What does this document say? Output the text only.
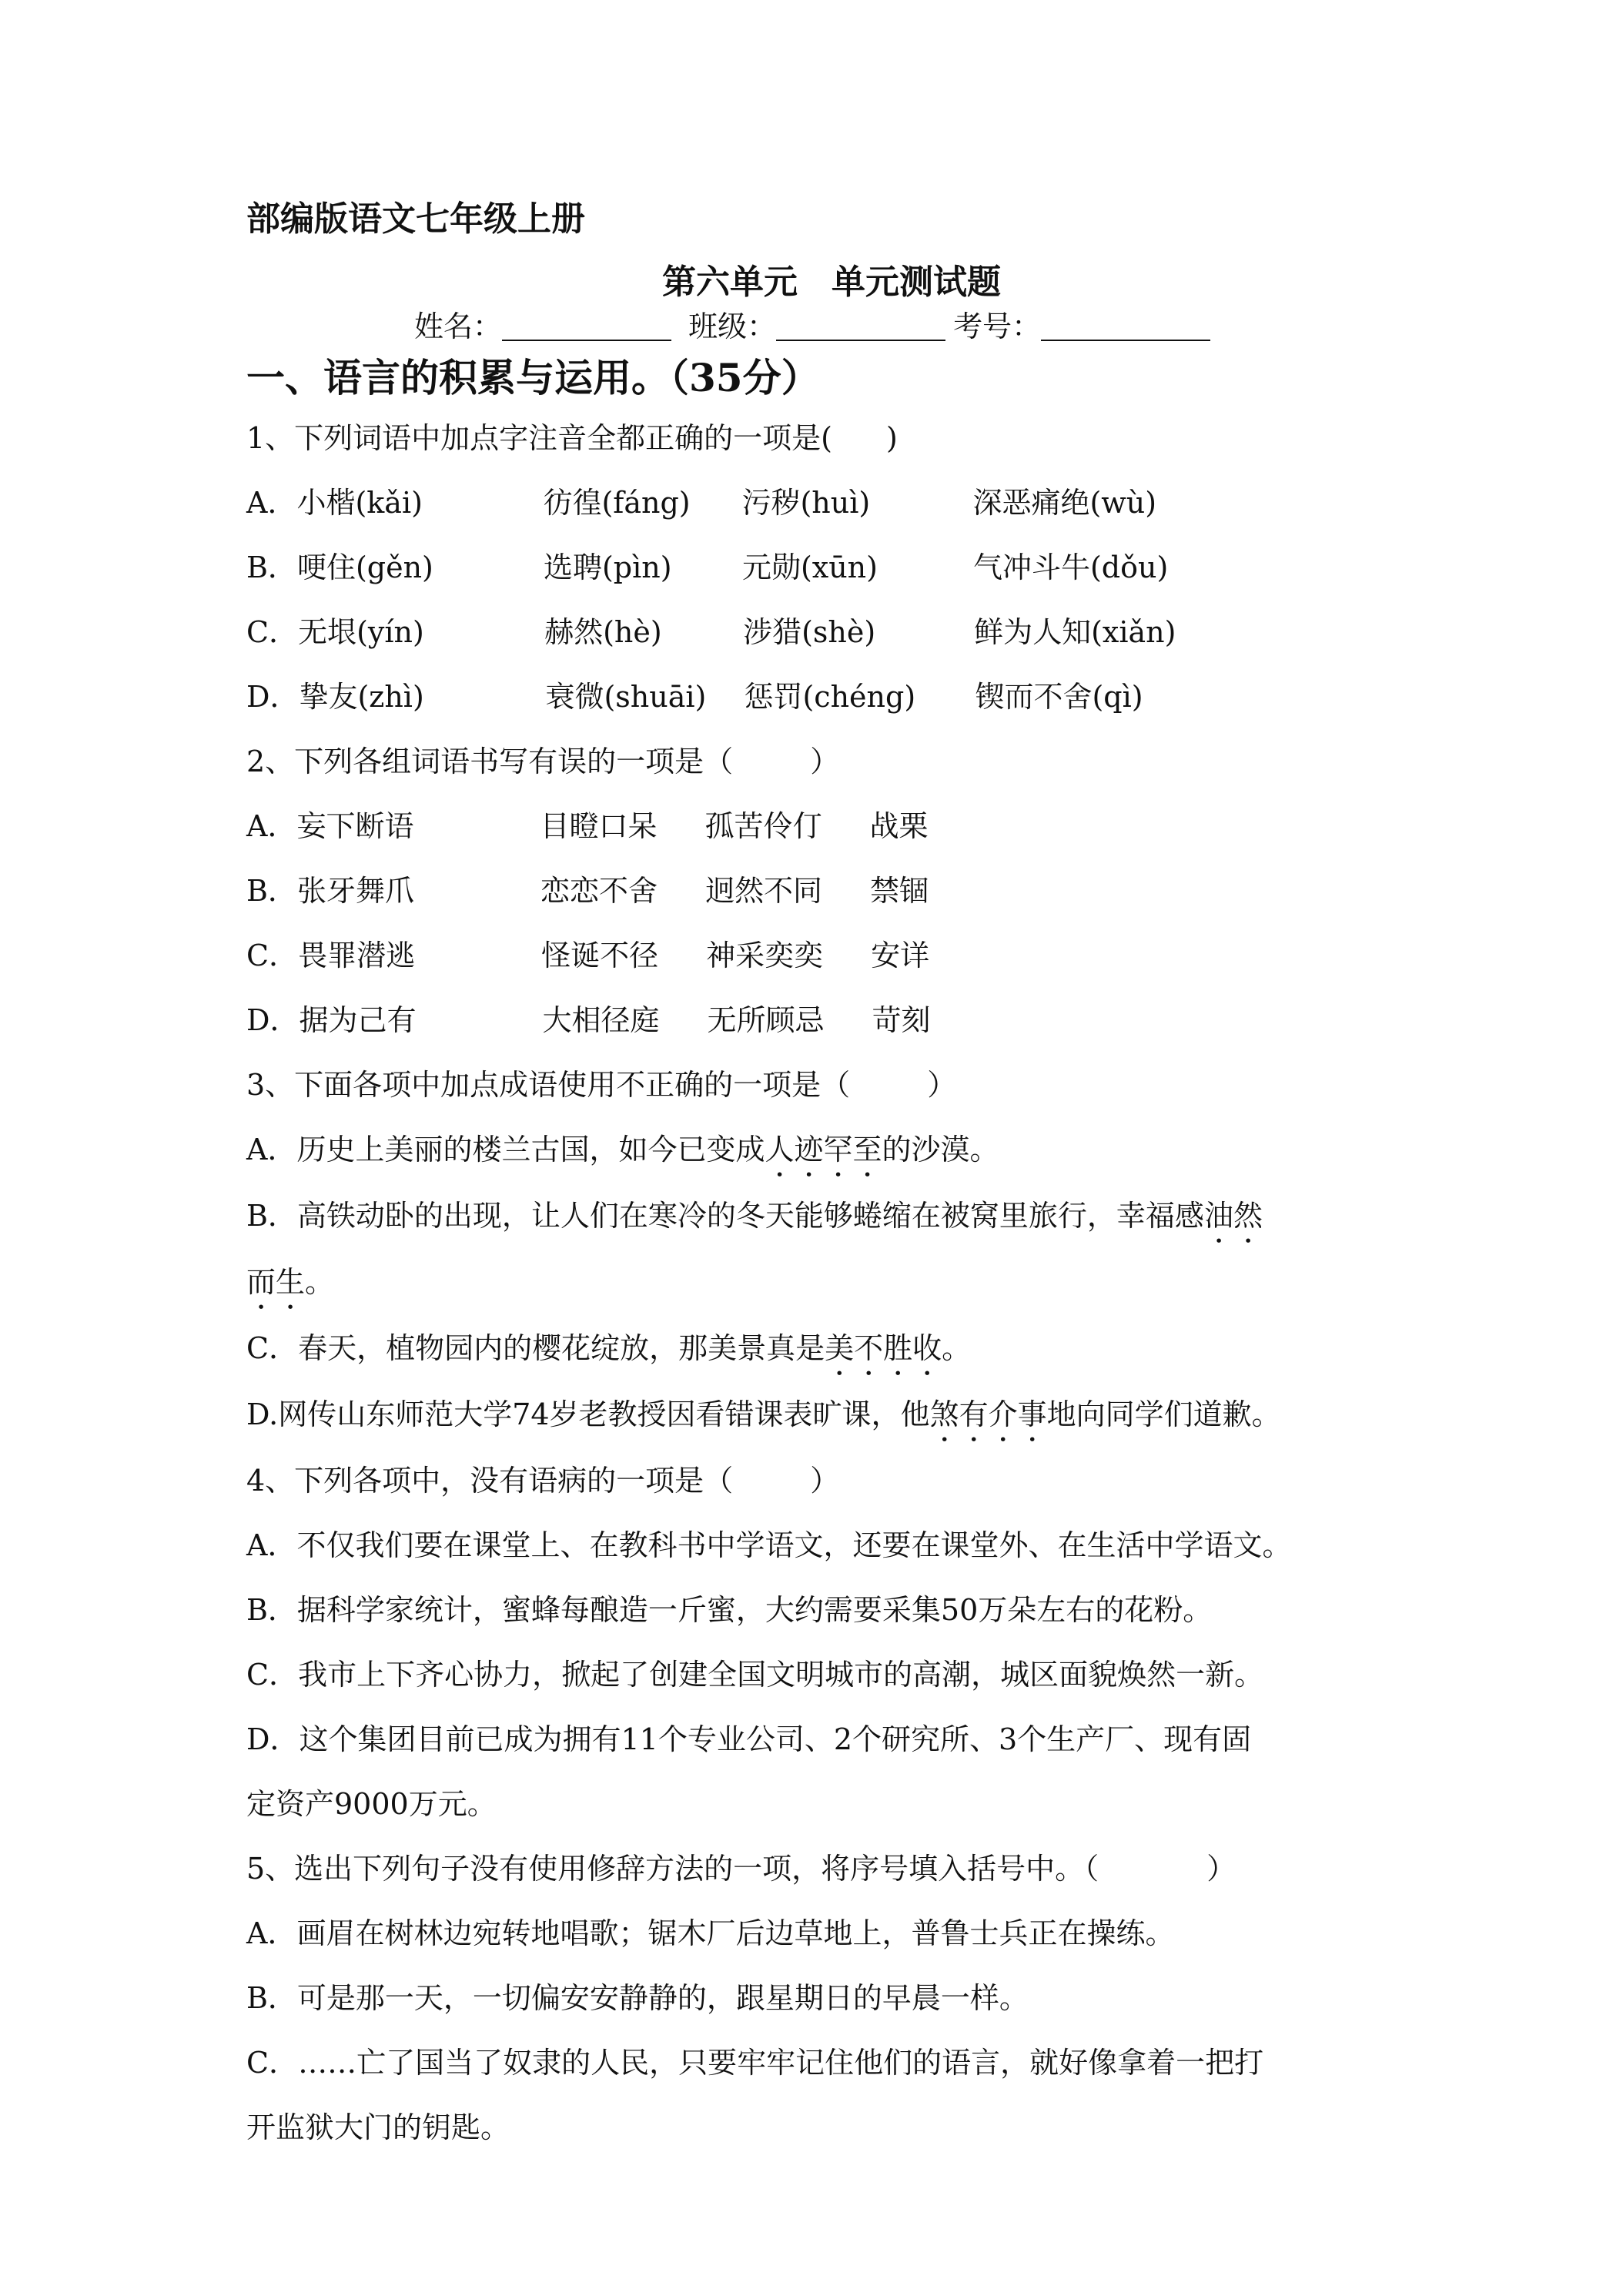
部编版语文七年级上册
第六单元　单元测试题
姓名：	班级：	考号：
一、语言的积累与运用。（35分）
1、下列词语中加点字注音全都正确的一项是( )
A． 小楷(kǎi)	彷徨(fáng)	污秽(huì)	深恶痛绝(wù)
B． 哽住(gěn)	选聘(pìn)	元勋(xūn)	气冲斗牛(dǒu)
C． 无垠(yín)	赫然(hè)	涉猎(shè)	鲜为人知(xiǎn)
D． 挚友(zhì)	衰微(shuāi)	惩罚(chéng)	锲而不舍(qì)
2、下列各组词语书写有误的一项是（	）
A． 妄下断语	目瞪口呆	孤苦伶仃	战栗
B． 张牙舞爪	恋恋不舍	迥然不同	禁锢
C． 畏罪潜逃	怪诞不径	神采奕奕	安详
D． 据为己有	大相径庭	无所顾忌	苛刻
3、下面各项中加点成语使用不正确的一项是（	）
A．历史上美丽的楼兰古国，如今已变成人迹罕至的沙漠。
B．高铁动卧的出现，让人们在寒冷的冬天能够蜷缩在被窝里旅行，幸福感油然
而生。
C．春天，植物园内的樱花绽放，那美景真是美不胜收。
D.网传山东师范大学74岁老教授因看错课表旷课，他煞有介事地向同学们道歉。
4、下列各项中，没有语病的一项是（	）
A．不仅我们要在课堂上、在教科书中学语文，还要在课堂外、在生活中学语文。
B．据科学家统计，蜜蜂每酿造一斤蜜，大约需要采集50万朵左右的花粉。
C．我市上下齐心协力，掀起了创建全国文明城市的高潮，城区面貌焕然一新。
D．这个集团目前已成为拥有11个专业公司、2个研究所、3个生产厂、现有固
定资产9000万元。
5、选出下列句子没有使用修辞方法的一项，将序号填入括号中。（	）
A．画眉在树林边宛转地唱歌；锯木厂后边草地上，普鲁士兵正在操练。
B．可是那一天，一切偏安安静静的，跟星期日的早晨一样。
C．……亡了国当了奴隶的人民，只要牢牢记住他们的语言，就好像拿着一把打
开监狱大门的钥匙。
